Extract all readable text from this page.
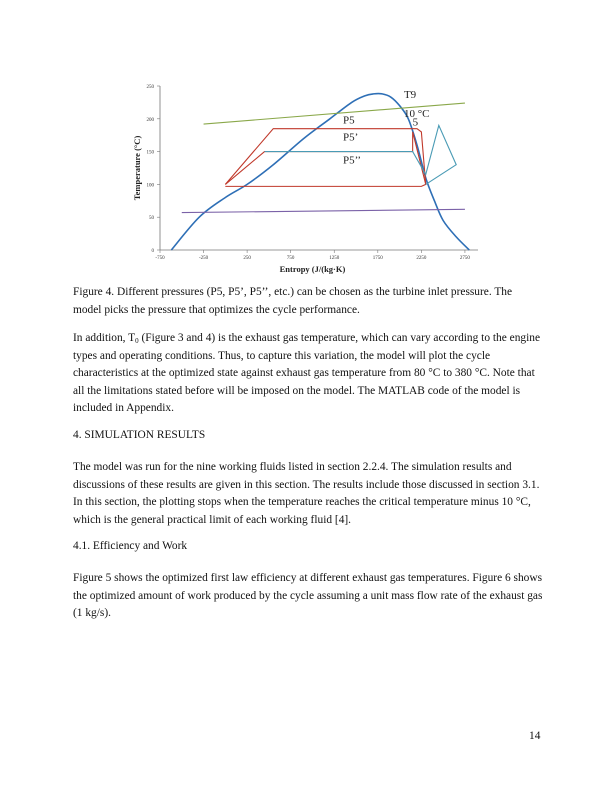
0
50
100
150
200
250
-750	-250	250	750	1250	1750	2250	2750
Entropy (J/(kg·K)
Temperature (°C)
T9
10 °C
5
P5
P5’
P5’’

Figure 4. Different pressures (P5, P5’, P5’’, etc.) can be chosen as the turbine inlet pressure. The model picks the pressure that optimizes the cycle performance.

In addition, $T_0$ (Figure 3 and 4) is the exhaust gas temperature, which can vary according to the engine types and operating conditions. Thus, to capture this variation, the model will plot the cycle characteristics at the optimized state against exhaust gas temperature from 80 °C to 380 °C. Note that all the limitations stated before will be imposed on the model. The MATLAB code of the model is included in Appendix.

4. SIMULATION RESULTS

The model was run for the nine working fluids listed in section 2.2.4. The simulation results and discussions of these results are given in this section. The results include those discussed in section 3.1. In this section, the plotting stops when the temperature reaches the critical temperature minus 10 °C, which is the general practical limit of each working fluid [4].

4.1. Efficiency and Work

Figure 5 shows the optimized first law efficiency at different exhaust gas temperatures. Figure 6 shows the optimized amount of work produced by the cycle assuming a unit mass flow rate of the exhaust gas (1 kg/s).

14
